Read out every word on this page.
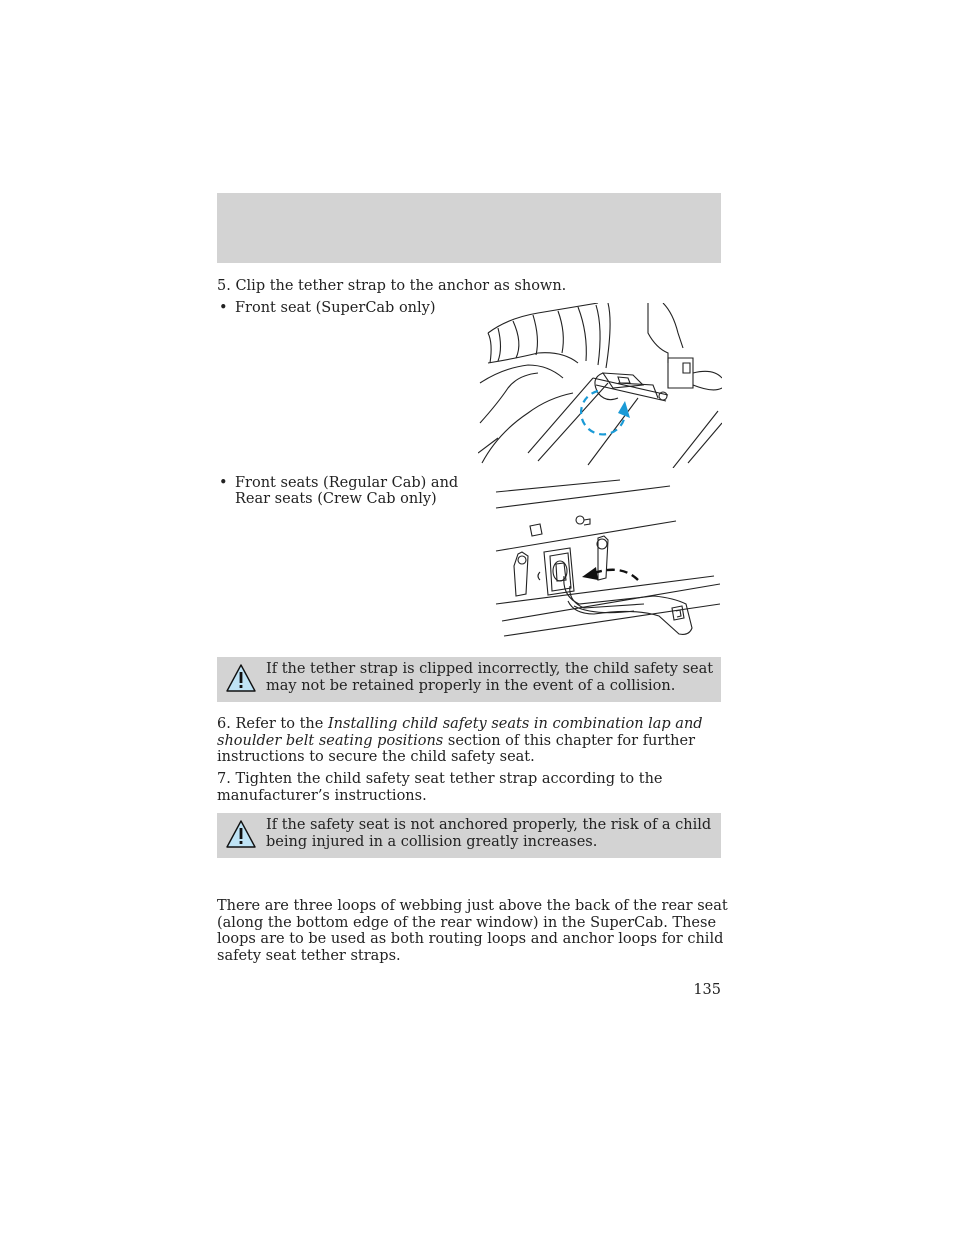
5. Clip the tether strap to the anchor as shown.
• Front seat (SuperCab only)
• Front seats (Regular Cab) and
Rear seats (Crew Cab only)
If the tether strap is clipped incorrectly, the child safety seat
may not be retained properly in the event of a collision.
6. Refer to the Installing child safety seats in combination lap and
shoulder belt seating positions section of this chapter for further
instructions to secure the child safety seat.
7. Tighten the child safety seat tether strap according to the
manufacturer’s instructions.
If the safety seat is not anchored properly, the risk of a child
being injured in a collision greatly increases.
There are three loops of webbing just above the back of the rear seat
(along the bottom edge of the rear window) in the SuperCab. These
loops are to be used as both routing loops and anchor loops for child
safety seat tether straps.
135
